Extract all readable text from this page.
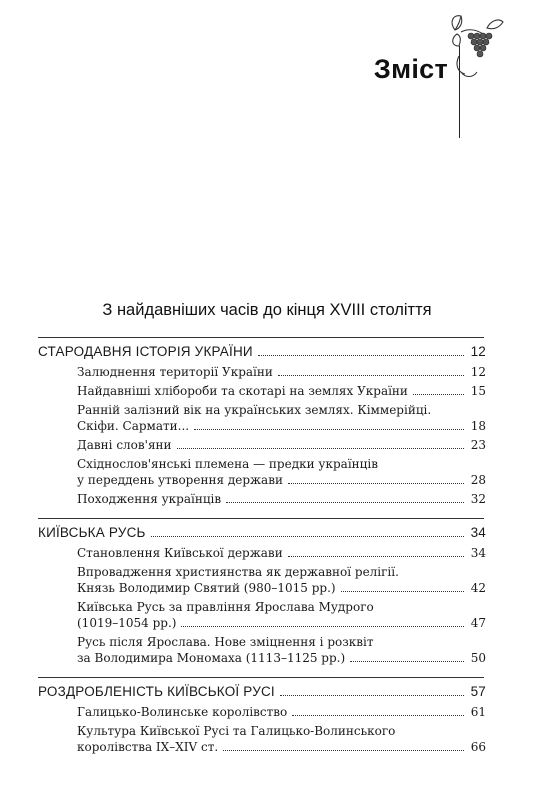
Зміст
З найдавніших часів до кінця XVIII століття
СТАРОДАВНЯ ІСТОРІЯ УКРАЇНИ	12
Залюднення території України	12
Найдавніші хлібороби та скотарі на землях України	15
Ранній залізний вік на українських землях. Кіммерійці.
Скіфи. Сармати...	18
Давні слов'яни	23
Східнослов'янські племена — предки українців
у переддень утворення держави	28
Походження українців	32
КИЇВСЬКА РУСЬ	34
Становлення Київської держави	34
Впровадження християнства як державної релігії.
Князь Володимир Святий (980–1015 рр.)	42
Київська Русь за правління Ярослава Мудрого
(1019–1054 рр.)	47
Русь після Ярослава. Нове зміцнення і розквіт
за Володимира Мономаха (1113–1125 рр.)	50
РОЗДРОБЛЕНІСТЬ КИЇВСЬКОЇ РУСІ	57
Галицько-Волинське королівство	61
Культура Київської Русі та Галицько-Волинського
королівства IX–XIV ст.	66
